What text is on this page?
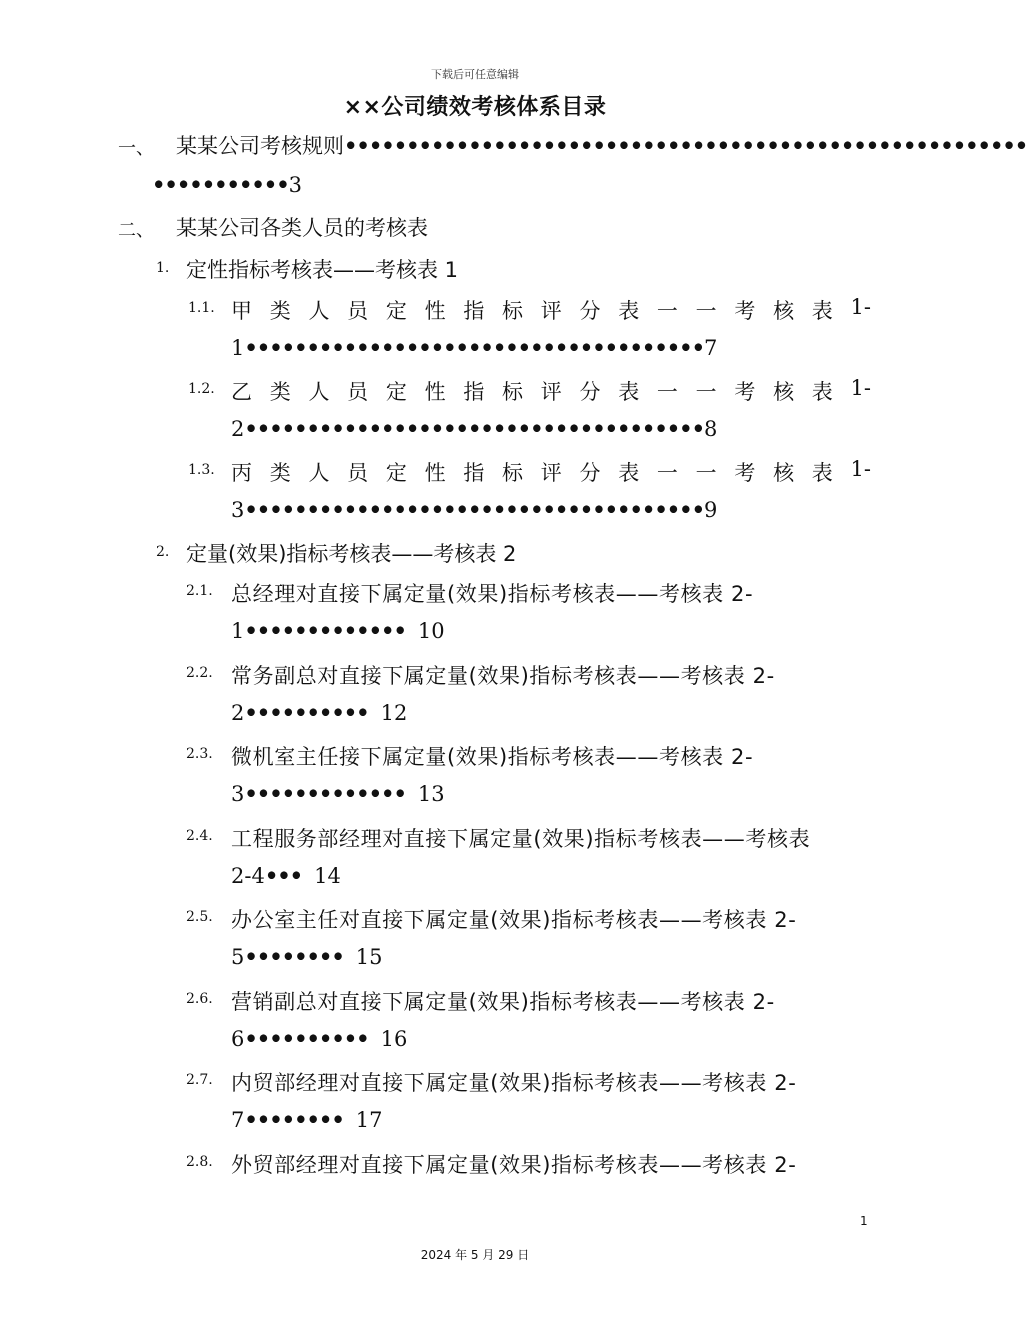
下载后可任意编辑
××公司绩效考核体系目录
一、 某某公司考核规则•••••••••••••••••••••••••••••••••••••••••••••••••••••••
•••••••••••3
二、 某某公司各类人员的考核表
1. 定性指标考核表——考核表 1
1.1. 甲 类 人 员 定 性 指 标 评 分 表 一 一 考 核 表 1-
1•••••••••••••••••••••••••••••••••••••7
1.2. 乙 类 人 员 定 性 指 标 评 分 表 一 一 考 核 表 1-
2•••••••••••••••••••••••••••••••••••••8
1.3. 丙 类 人 员 定 性 指 标 评 分 表 一 一 考 核 表 1-
3•••••••••••••••••••••••••••••••••••••9
2. 定量(效果)指标考核表——考核表 2
2.1. 总经理对直接下属定量(效果)指标考核表——考核表 2-
1••••••••••••• 10
2.2. 常务副总对直接下属定量(效果)指标考核表——考核表 2-
2•••••••••• 12
2.3. 微机室主任接下属定量(效果)指标考核表——考核表 2-
3••••••••••••• 13
2.4. 工程服务部经理对直接下属定量(效果)指标考核表——考核表
2-4••• 14
2.5. 办公室主任对直接下属定量(效果)指标考核表——考核表 2-
5•••••••• 15
2.6. 营销副总对直接下属定量(效果)指标考核表——考核表 2-
6•••••••••• 16
2.7. 内贸部经理对直接下属定量(效果)指标考核表——考核表 2-
7•••••••• 17
2.8. 外贸部经理对直接下属定量(效果)指标考核表——考核表 2-
1
2024 年 5 月 29 日
